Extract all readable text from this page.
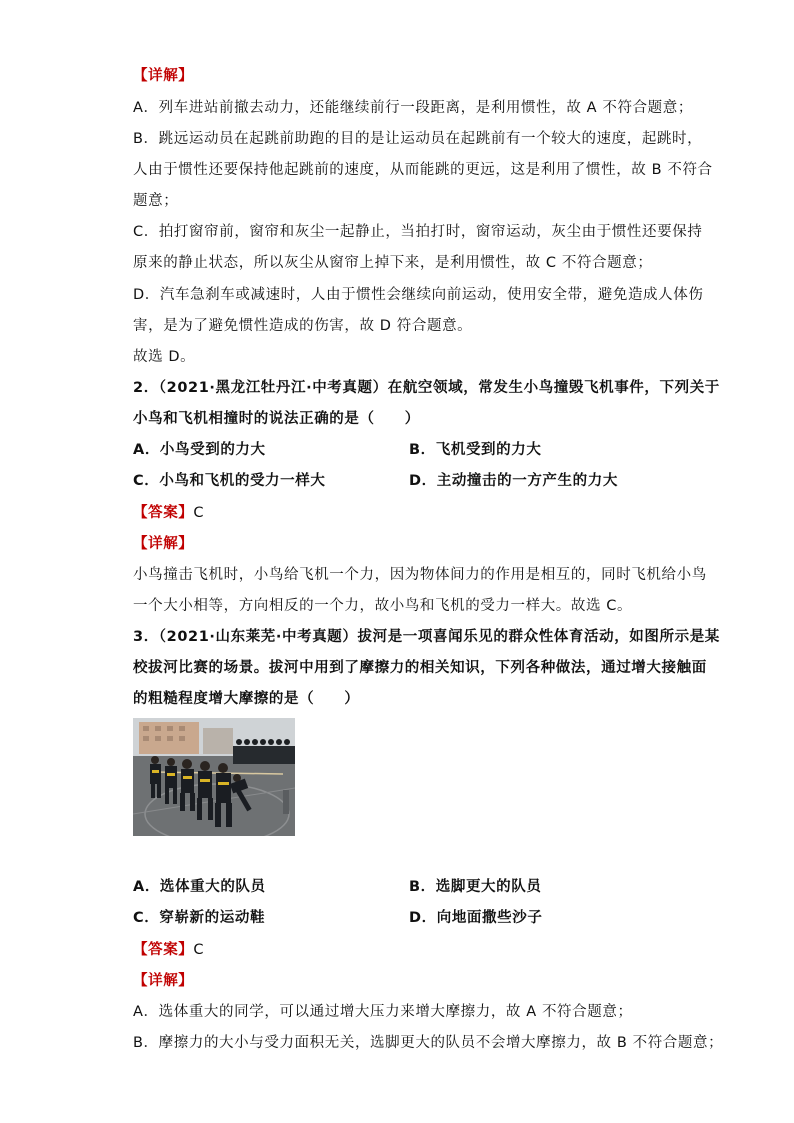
【详解】
A．列车进站前撤去动力，还能继续前行一段距离，是利用惯性，故 A 不符合题意；
B．跳远运动员在起跳前助跑的目的是让运动员在起跳前有一个较大的速度，起跳时，
人由于惯性还要保持他起跳前的速度，从而能跳的更远，这是利用了惯性，故 B 不符合
题意；
C．拍打窗帘前，窗帘和灰尘一起静止，当拍打时，窗帘运动，灰尘由于惯性还要保持
原来的静止状态，所以灰尘从窗帘上掉下来，是利用惯性，故 C 不符合题意；
D．汽车急刹车或减速时，人由于惯性会继续向前运动，使用安全带，避免造成人体伤
害，是为了避免惯性造成的伤害，故 D 符合题意。
故选 D。
2．（2021·黑龙江牡丹江·中考真题）在航空领域，常发生小鸟撞毁飞机事件，下列关于
小鸟和飞机相撞时的说法正确的是（　　）
A．小鸟受到的力大	B．飞机受到的力大
C．小鸟和飞机的受力一样大	D．主动撞击的一方产生的力大
【答案】C
【详解】
小鸟撞击飞机时，小鸟给飞机一个力，因为物体间力的作用是相互的，同时飞机给小鸟
一个大小相等，方向相反的一个力，故小鸟和飞机的受力一样大。故选 C。
3．（2021·山东莱芜·中考真题）拔河是一项喜闻乐见的群众性体育活动，如图所示是某
校拔河比赛的场景。拔河中用到了摩擦力的相关知识，下列各种做法，通过增大接触面
的粗糙程度增大摩擦的是（　　）
A．选体重大的队员	B．选脚更大的队员
C．穿崭新的运动鞋	D．向地面撒些沙子
【答案】C
【详解】
A．选体重大的同学，可以通过增大压力来增大摩擦力，故 A 不符合题意；
B．摩擦力的大小与受力面积无关，选脚更大的队员不会增大摩擦力，故 B 不符合题意；
